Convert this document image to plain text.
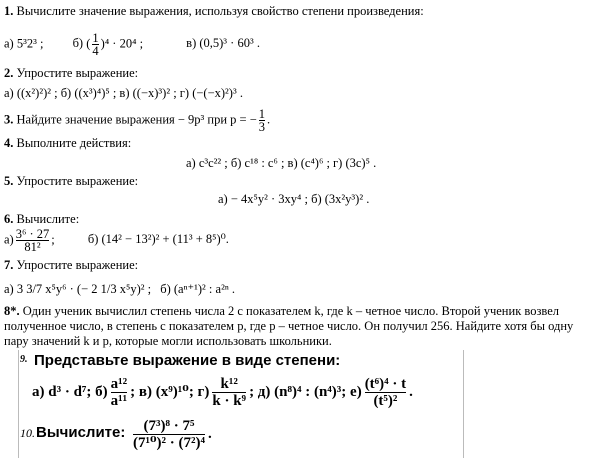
1. Вычислите значение выражения, используя свойство степени произведения:
а) 5³2³ ; б) ( $\frac{1}{4} )^4 \cdot 20^4$ ;	в) (0,5)³ · 60³ .
2. Упростите выражение:
а) ((x²)²)² ; б) ((x³)⁴)⁵ ; в) ((−x)³)² ; г) (−(−x)²)³ .
3. Найдите значение выражения − 9p³ при p = − $\frac{1}{3}$ .
4. Выполните действия:
а) c³c²² ; б) c¹⁸ : c⁶ ; в) (c⁴)⁶ ; г) (3c)⁵ .
5. Упростите выражение:
а) − 4x⁵y² · 3xy⁴ ; б) (3x²y³)² .
6. Вычислите:
$а) \frac{\text{3⁶ · 27}}{\text{81²}}$ ;	б) (14² − 13²)² + (11³ + 8⁵)⁰.
7. Упростите выражение:
а) 3 3/7 x⁵y⁶ · (− 2 1/3 x⁵y)² ; б) (aⁿ⁺¹)² : a²ⁿ .
8*. Один ученик вычислил степень числа 2 с показателем k, где k – четное число. Второй ученик возвел
полученное число, в степень с показателем p, где p – четное число. Он получил 256. Найдите хотя бы одну
пару значений k и p, которые могли использовать школьники.
9. Представьте выражение в виде степени:
а) d³ · d⁷; $б) \frac{\text{a¹²}}{\text{a¹¹}}$ ; в) (x⁹)¹⁰; $г) \frac{\text{k¹²}}{\text{k · k⁹}}$ ; д) (n⁸)⁴ : (n⁴)³; $е) \frac{\text{(t⁶)⁴ · t}}{\text{(t⁵)²}}$ .
10. Вычислите: $\frac{\text{(7³)⁸ · 7⁵}}{\text{(7¹⁰)² · (7²)⁴}}$ .
